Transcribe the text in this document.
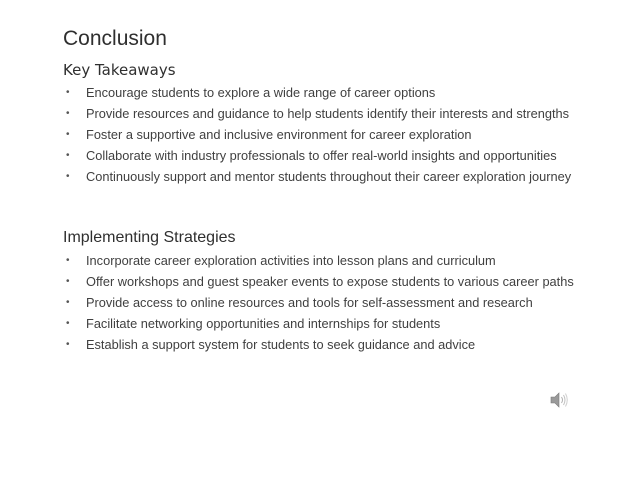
Conclusion
Key Takeaways
• Encourage students to explore a wide range of career options
• Provide resources and guidance to help students identify their interests and strengths
• Foster a supportive and inclusive environment for career exploration
• Collaborate with industry professionals to offer real-world insights and opportunities
• Continuously support and mentor students throughout their career exploration journey
Implementing Strategies
• Incorporate career exploration activities into lesson plans and curriculum
• Offer workshops and guest speaker events to expose students to various career paths
• Provide access to online resources and tools for self-assessment and research
• Facilitate networking opportunities and internships for students
• Establish a support system for students to seek guidance and advice
